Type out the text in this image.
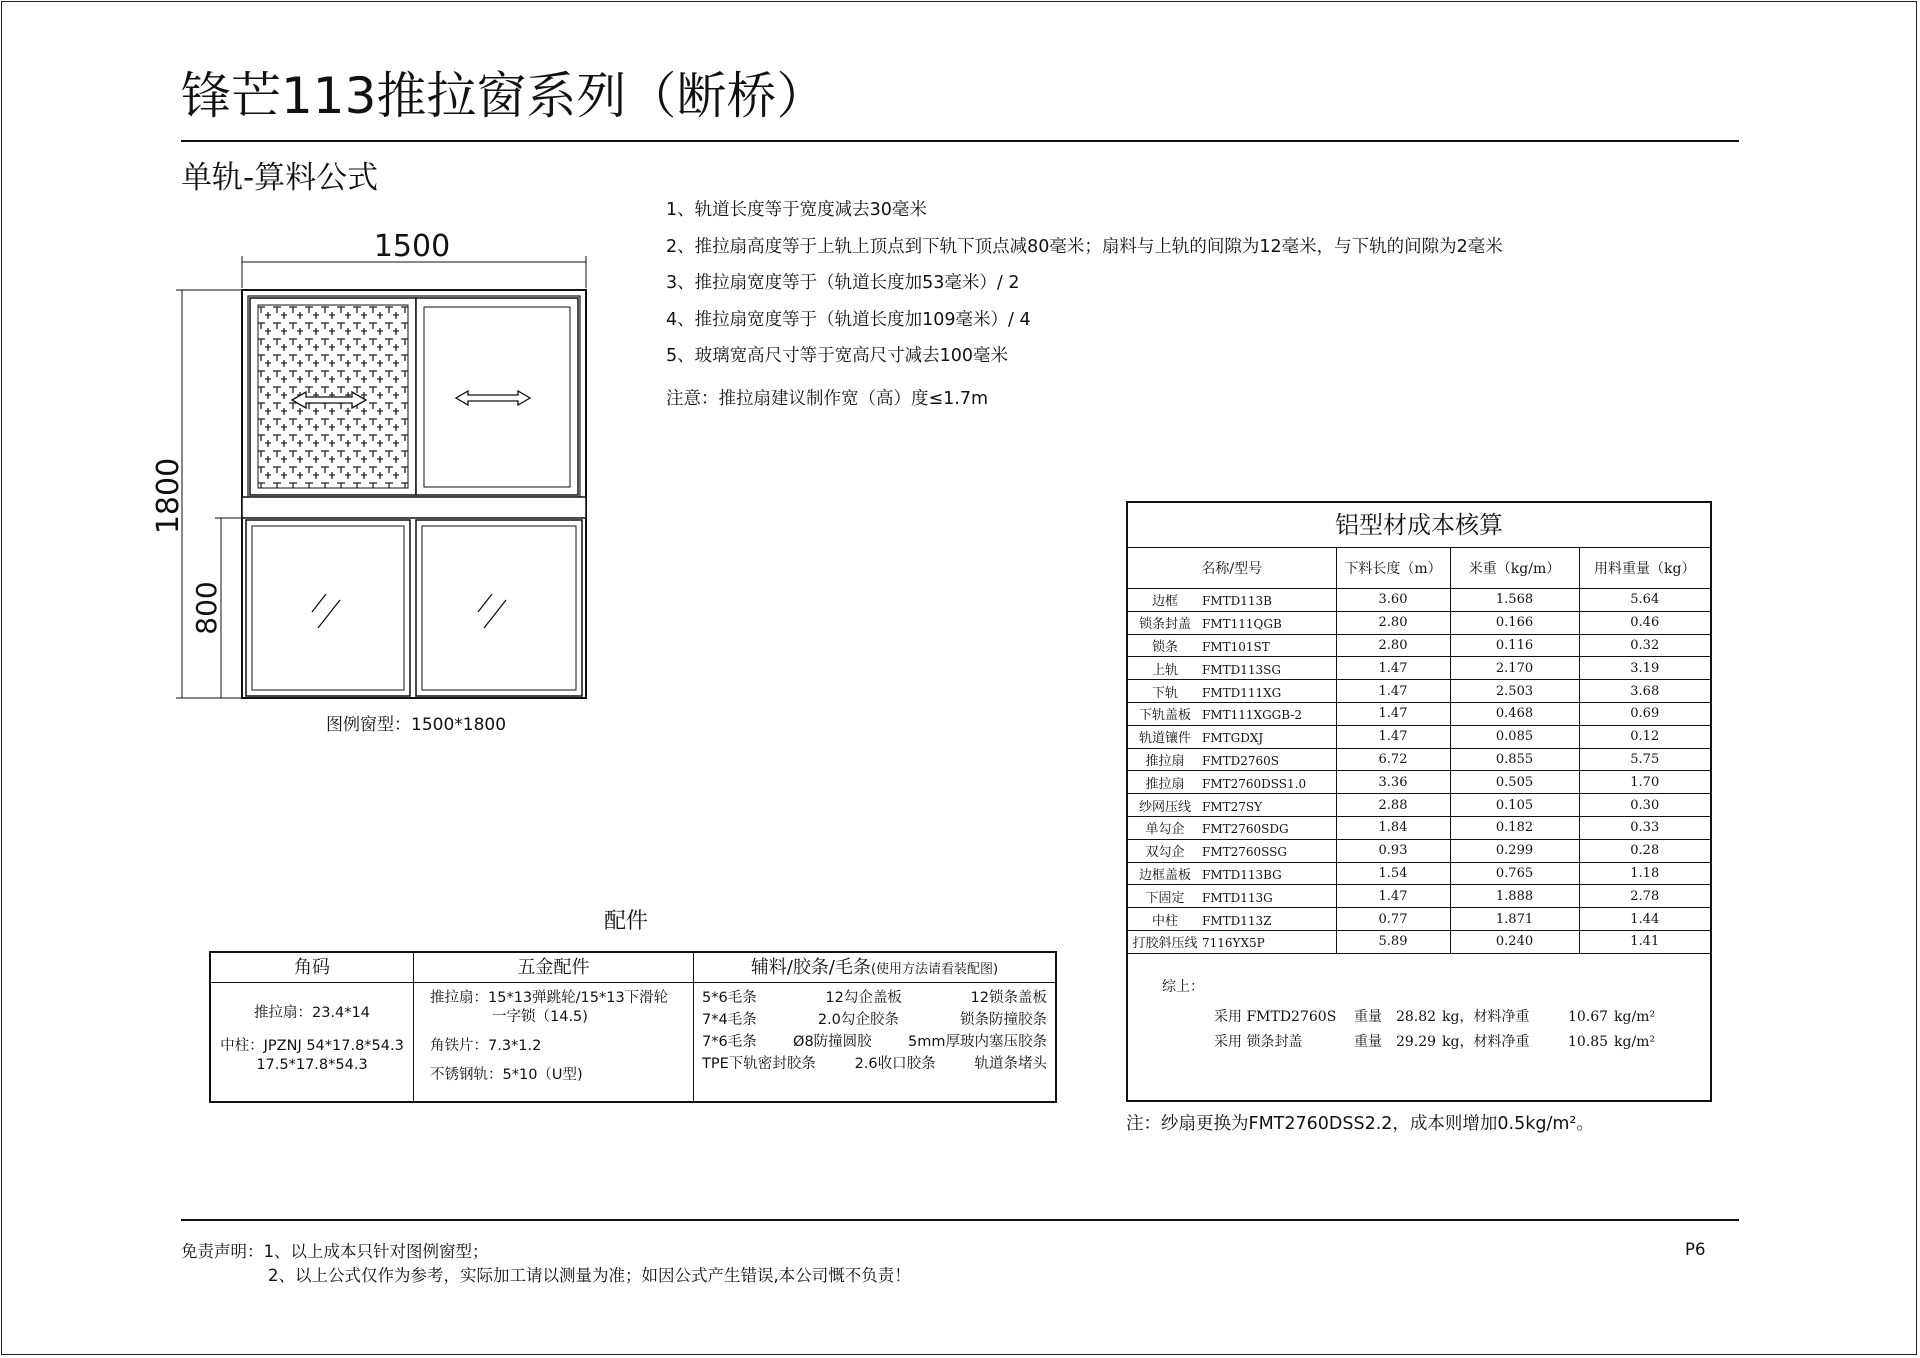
锋芒113推拉窗系列（断桥）
单轨-算料公式
1、轨道长度等于宽度减去30毫米
2、推拉扇高度等于上轨上顶点到下轨下顶点减80毫米；扇料与上轨的间隙为12毫米，与下轨的间隙为2毫米
3、推拉扇宽度等于（轨道长度加53毫米）/ 2
4、推拉扇宽度等于（轨道长度加109毫米）/ 4
5、玻璃宽高尺寸等于宽高尺寸减去100毫米
注意：推拉扇建议制作宽（高）度≤1.7m
1500
1800
800
图例窗型：1500*1800
铝型材成本核算
名称/型号	下料长度（m）	米重（kg/m）	用料重量（kg）
边框 FMTD113B	3.60	1.568	5.64
锁条封盖 FMT111QGB	2.80	0.166	0.46
锁条 FMT101ST	2.80	0.116	0.32
上轨 FMTD113SG	1.47	2.170	3.19
下轨 FMTD111XG	1.47	2.503	3.68
下轨盖板 FMT111XGGB-2	1.47	0.468	0.69
轨道镶件 FMTGDXJ	1.47	0.085	0.12
推拉扇 FMTD2760S	6.72	0.855	5.75
推拉扇 FMT2760DSS1.0	3.36	0.505	1.70
纱网压线 FMT27SY	2.88	0.105	0.30
单勾企 FMT2760SDG	1.84	0.182	0.33
双勾企 FMT2760SSG	0.93	0.299	0.28
边框盖板 FMTD113BG	1.54	0.765	1.18
下固定 FMTD113G	1.47	1.888	2.78
中柱 FMTD113Z	0.77	1.871	1.44
打胶斜压线 7116YX5P	5.89	0.240	1.41
综上：
采用 FMTD2760S 重量 28.82 kg，材料净重	10.67 kg/m²
采用 锁条封盖	重量 29.29 kg，材料净重	10.85 kg/m²
注：纱扇更换为FMT2760DSS2.2，成本则增加0.5kg/m²。
配件
角码
推拉扇：23.4*14
中柱：JPZNJ 54*17.8*54.3
17.5*17.8*54.3
五金配件
推拉扇：15*13弹跳轮/15*13下滑轮
一字锁（14.5)
角铁片：7.3*1.2
不锈钢轨：5*10（U型)
辅料/胶条/毛条(使用方法请看装配图)
5*6毛条	12勾企盖板	12锁条盖板
7*4毛条	2.0勾企胶条	锁条防撞胶条
7*6毛条	Ø8防撞圆胶	5mm厚玻内塞压胶条
TPE下轨密封胶条	2.6收口胶条	轨道条堵头
免责声明：1、以上成本只针对图例窗型；
2、以上公式仅作为参考，实际加工请以测量为准；如因公式产生错误,本公司慨不负责！
P6
